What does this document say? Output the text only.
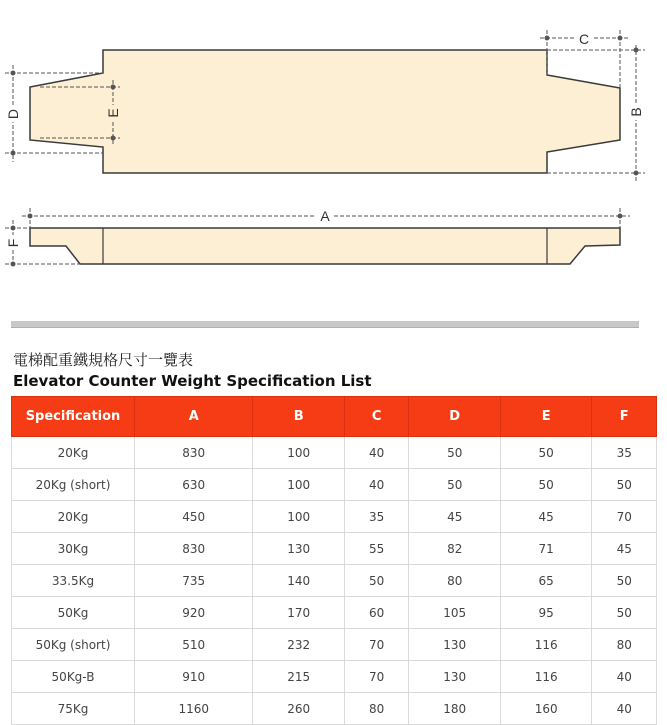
C
B
D	E
A
F
電梯配重鐵規格尺寸一覽表
Elevator Counter Weight Specification List
Specification	A	B	C	D	E	F
20Kg	830	100	40	50	50	35
20Kg (short)	630	100	40	50	50	50
20Kg	450	100	35	45	45	70
30Kg	830	130	55	82	71	45
33.5Kg	735	140	50	80	65	50
50Kg	920	170	60	105	95	50
50Kg (short)	510	232	70	130	116	80
50Kg-B	910	215	70	130	116	40
75Kg	1160	260	80	180	160	40
